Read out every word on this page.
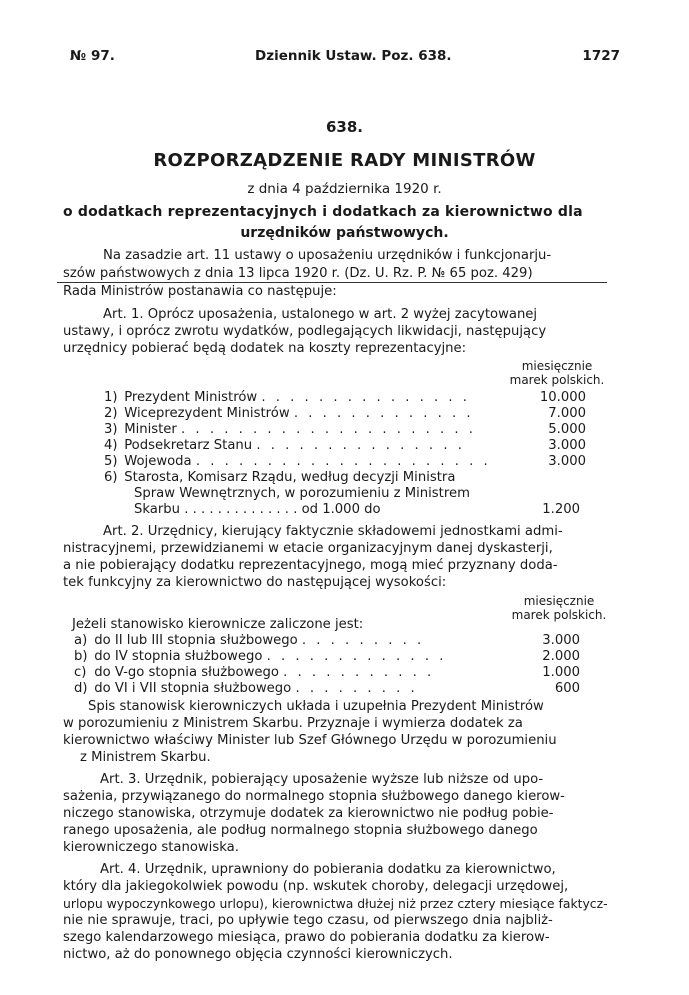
№ 97.	Dziennik Ustaw. Poz. 638.	1727
638.
ROZPORZĄDZENIE RADY MINISTRÓW
z dnia 4 października 1920 r.
o dodatkach reprezentacyjnych i dodatkach za kierownictwo dla
urzędników państwowych.
Na zasadzie art. 11 ustawy o uposażeniu urzędników i funkcjonarju-
szów państwowych z dnia 13 lipca 1920 r. (Dz. U. Rz. P. № 65 poz. 429)
Rada Ministrów postanawia co następuje:
Art. 1. Oprócz uposażenia, ustalonego w art. 2 wyżej zacytowanej
ustawy, i oprócz zwrotu wydatków, podlegających likwidacji, następujący
urzędnicy pobierać będą dodatek na koszty reprezentacyjne:
miesięcznie
marek polskich.
1) Prezydent Ministrów . . . . . . . . . . . . . . .	10.000
2) Wiceprezydent Ministrów . . . . . . . . . . . . .	7.000
3) Minister . . . . . . . . . . . . . . . . . . . . .	5.000
4) Podsekretarz Stanu . . . . . . . . . . . . . . .	3.000
5) Wojewoda . . . . . . . . . . . . . . . . . . . . .	3.000
6) Starosta, Komisarz Rządu, według decyzji Ministra
Spraw Wewnętrznych, w porozumieniu z Ministrem
Skarbu . . . . . . . . . . . . . . od 1.000 do	1.200
Art. 2. Urzędnicy, kierujący faktycznie składowemi jednostkami admi-
nistracyjnemi, przewidzianemi w etacie organizacyjnym danej dyskasterji,
a nie pobierający dodatku reprezentacyjnego, mogą mieć przyznany doda-
tek funkcyjny za kierownictwo do następującej wysokości:
miesięcznie
marek polskich.
Jeżeli stanowisko kierownicze zaliczone jest:
a) do II lub III stopnia służbowego . . . . . . . . .	3.000
b) do IV stopnia służbowego . . . . . . . . . . . . .	2.000
c) do V-go stopnia służbowego . . . . . . . . . . .	1.000
d) do VI i VII stopnia służbowego . . . . . . . . .	600
Spis stanowisk kierowniczych układa i uzupełnia Prezydent Ministrów
w porozumieniu z Ministrem Skarbu. Przyznaje i wymierza dodatek za
kierownictwo właściwy Minister lub Szef Głównego Urzędu w porozumieniu
z Ministrem Skarbu.
Art. 3. Urzędnik, pobierający uposażenie wyższe lub niższe od upo-
sażenia, przywiązanego do normalnego stopnia służbowego danego kierow-
niczego stanowiska, otrzymuje dodatek za kierownictwo nie podług pobie-
ranego uposażenia, ale podług normalnego stopnia służbowego danego
kierowniczego stanowiska.
Art. 4. Urzędnik, uprawniony do pobierania dodatku za kierownictwo,
który dla jakiegokolwiek powodu (np. wskutek choroby, delegacji urzędowej,
urlopu wypoczynkowego urlopu), kierownictwa dłużej niż przez cztery miesiące faktycz-
nie nie sprawuje, traci, po upływie tego czasu, od pierwszego dnia najbliż-
szego kalendarzowego miesiąca, prawo do pobierania dodatku za kierow-
nictwo, aż do ponownego objęcia czynności kierowniczych.
